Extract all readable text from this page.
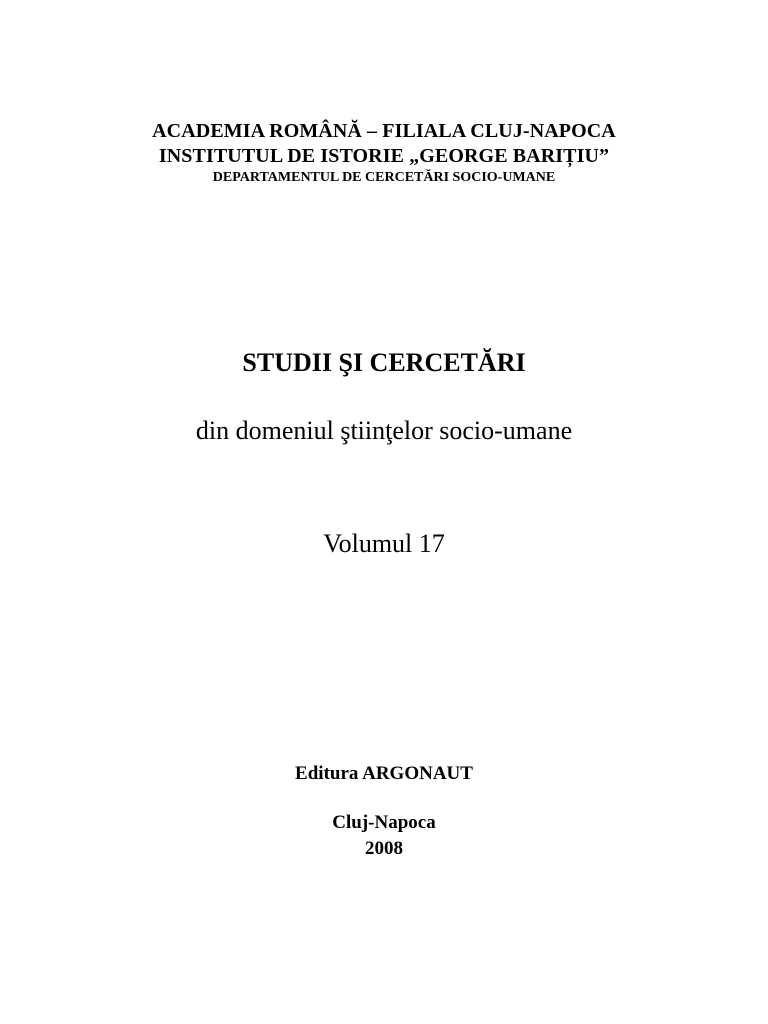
ACADEMIA ROMÂNĂ – FILIALA CLUJ-NAPOCA
INSTITUTUL DE ISTORIE „GEORGE BARIȚIU”
DEPARTAMENTUL DE CERCETĂRI SOCIO-UMANE
STUDII ŞI CERCETĂRI
din domeniul ştiinţelor socio-umane
Volumul 17
Editura ARGONAUT
Cluj-Napoca
2008
